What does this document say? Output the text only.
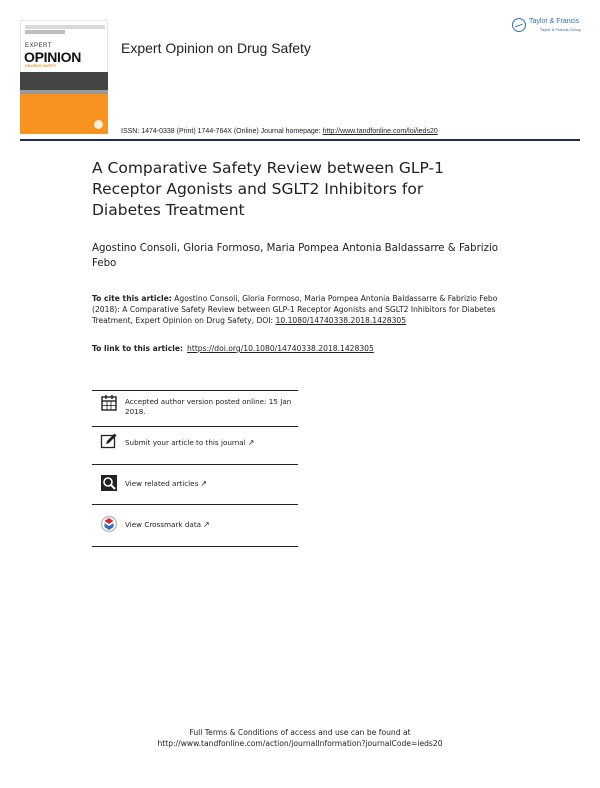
EXPERT
OPINION
ON DRUG SAFETY
Expert Opinion on Drug Safety
Taylor & Francis
Taylor & Francis Group
ISSN: 1474-0338 (Print) 1744-764X (Online) Journal homepage: http://www.tandfonline.com/loi/ieds20
A Comparative Safety Review between GLP-1 Receptor Agonists and SGLT2 Inhibitors for Diabetes Treatment
Agostino Consoli, Gloria Formoso, Maria Pompea Antonia Baldassarre & Fabrizio Febo
To cite this article: Agostino Consoli, Gloria Formoso, Maria Pompea Antonia Baldassarre & Fabrizio Febo (2018): A Comparative Safety Review between GLP-1 Receptor Agonists and SGLT2 Inhibitors for Diabetes Treatment, Expert Opinion on Drug Safety, DOI: 10.1080/14740338.2018.1428305
To link to this article: https://doi.org/10.1080/14740338.2018.1428305
Accepted author version posted online: 15 Jan 2018.
Submit your article to this journal ↗
View related articles ↗
View Crossmark data ↗
Full Terms & Conditions of access and use can be found at
http://www.tandfonline.com/action/journalInformation?journalCode=ieds20
